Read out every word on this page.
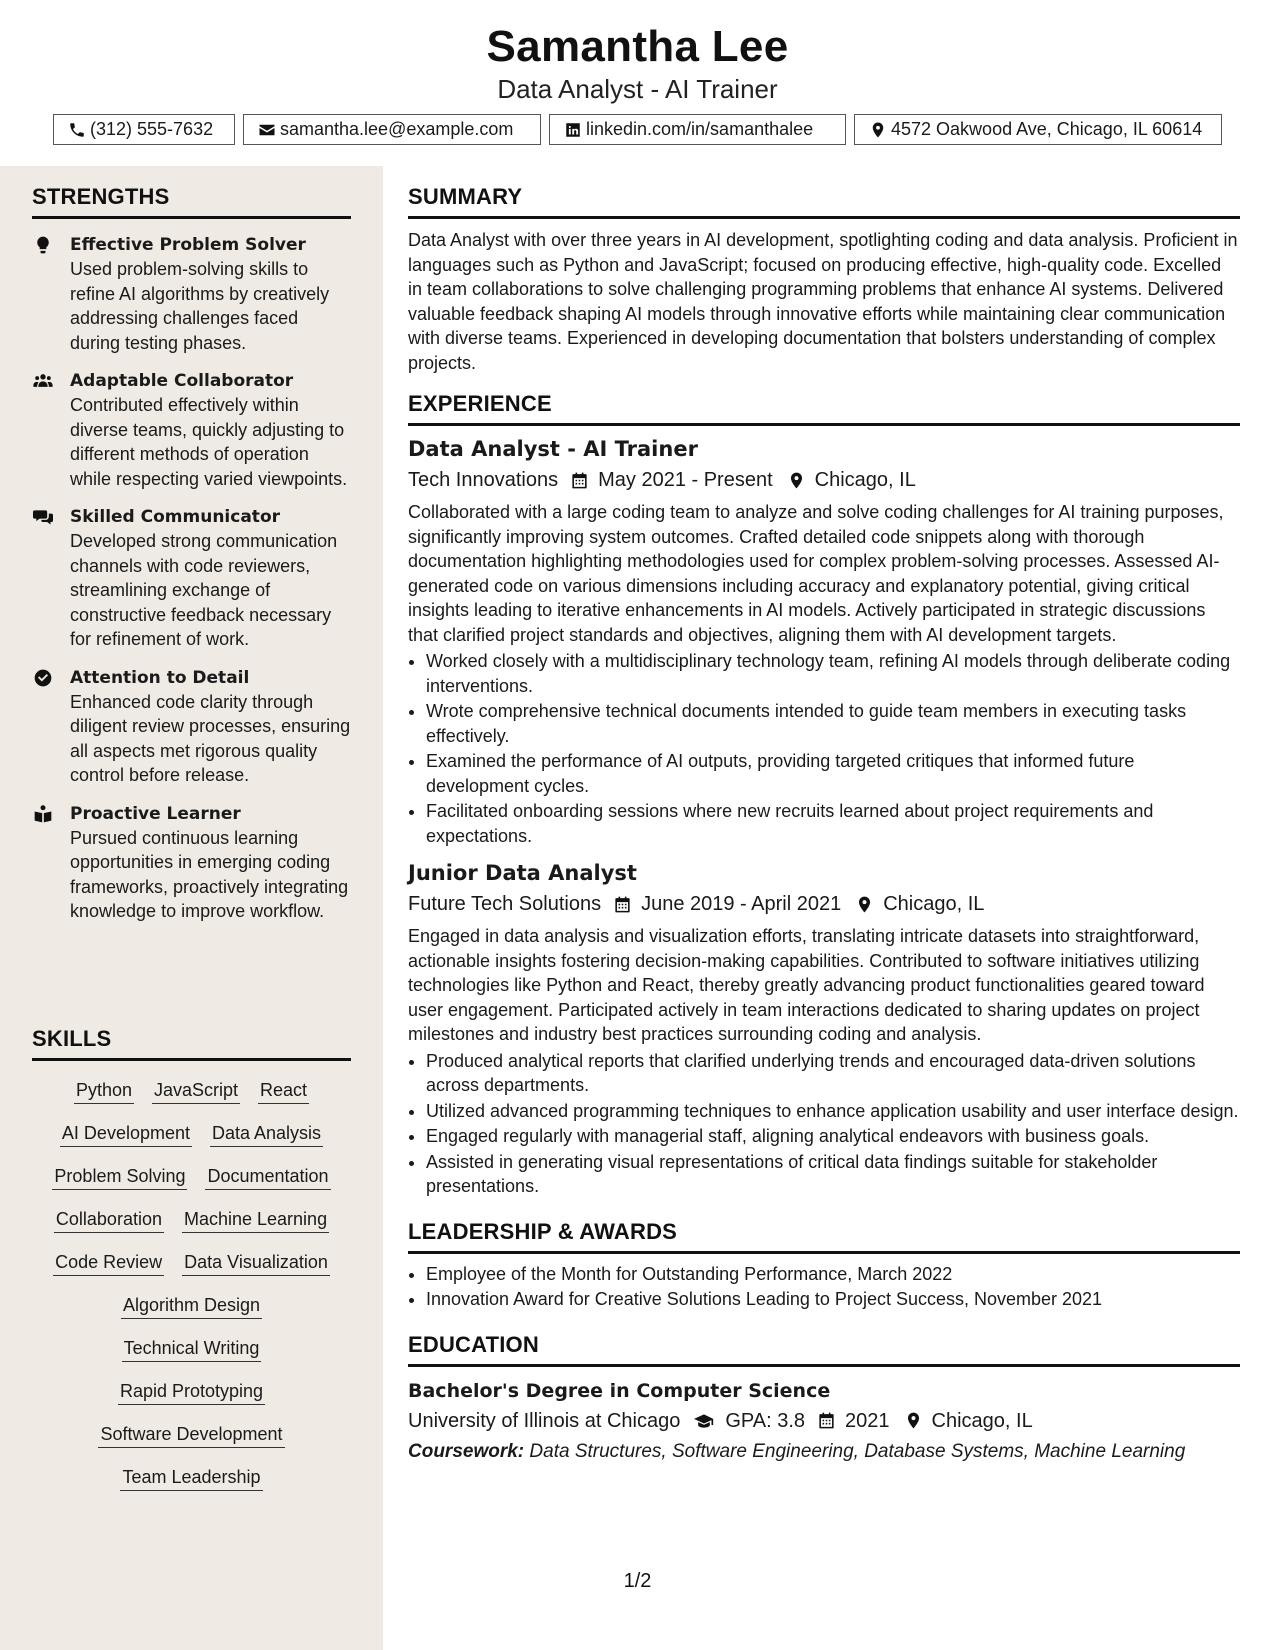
Samantha Lee
Data Analyst - AI Trainer
(312) 555-7632	samantha.lee@example.com	linkedin.com/in/samanthalee	4572 Oakwood Ave, Chicago, IL 60614
STRENGTHS
Effective Problem Solver
Used problem-solving skills to refine AI algorithms by creatively addressing challenges faced during testing phases.
Adaptable Collaborator
Contributed effectively within diverse teams, quickly adjusting to different methods of operation while respecting varied viewpoints.
Skilled Communicator
Developed strong communication channels with code reviewers, streamlining exchange of constructive feedback necessary for refinement of work.
Attention to Detail
Enhanced code clarity through diligent review processes, ensuring all aspects met rigorous quality control before release.
Proactive Learner
Pursued continuous learning opportunities in emerging coding frameworks, proactively integrating knowledge to improve workflow.
SKILLS
Python JavaScript React
AI Development Data Analysis
Problem Solving Documentation
Collaboration Machine Learning
Code Review Data Visualization
Algorithm Design
Technical Writing
Rapid Prototyping
Software Development
Team Leadership
SUMMARY
Data Analyst with over three years in AI development, spotlighting coding and data analysis. Proficient in languages such as Python and JavaScript; focused on producing effective, high-quality code. Excelled in team collaborations to solve challenging programming problems that enhance AI systems. Delivered valuable feedback shaping AI models through innovative efforts while maintaining clear communication with diverse teams. Experienced in developing documentation that bolsters understanding of complex projects.
EXPERIENCE
Data Analyst - AI Trainer
Tech Innovations May 2021 - Present Chicago, IL
Collaborated with a large coding team to analyze and solve coding challenges for AI training purposes, significantly improving system outcomes. Crafted detailed code snippets along with thorough documentation highlighting methodologies used for complex problem-solving processes. Assessed AI-generated code on various dimensions including accuracy and explanatory potential, giving critical insights leading to iterative enhancements in AI models. Actively participated in strategic discussions that clarified project standards and objectives, aligning them with AI development targets.
• Worked closely with a multidisciplinary technology team, refining AI models through deliberate coding interventions.
• Wrote comprehensive technical documents intended to guide team members in executing tasks effectively.
• Examined the performance of AI outputs, providing targeted critiques that informed future development cycles.
• Facilitated onboarding sessions where new recruits learned about project requirements and expectations.
Junior Data Analyst
Future Tech Solutions June 2019 - April 2021 Chicago, IL
Engaged in data analysis and visualization efforts, translating intricate datasets into straightforward, actionable insights fostering decision-making capabilities. Contributed to software initiatives utilizing technologies like Python and React, thereby greatly advancing product functionalities geared toward user engagement. Participated actively in team interactions dedicated to sharing updates on project milestones and industry best practices surrounding coding and analysis.
• Produced analytical reports that clarified underlying trends and encouraged data-driven solutions across departments.
• Utilized advanced programming techniques to enhance application usability and user interface design.
• Engaged regularly with managerial staff, aligning analytical endeavors with business goals.
• Assisted in generating visual representations of critical data findings suitable for stakeholder presentations.
LEADERSHIP & AWARDS
• Employee of the Month for Outstanding Performance, March 2022
• Innovation Award for Creative Solutions Leading to Project Success, November 2021
EDUCATION
Bachelor's Degree in Computer Science
University of Illinois at Chicago GPA: 3.8 2021 Chicago, IL
Coursework: Data Structures, Software Engineering, Database Systems, Machine Learning
1/2
